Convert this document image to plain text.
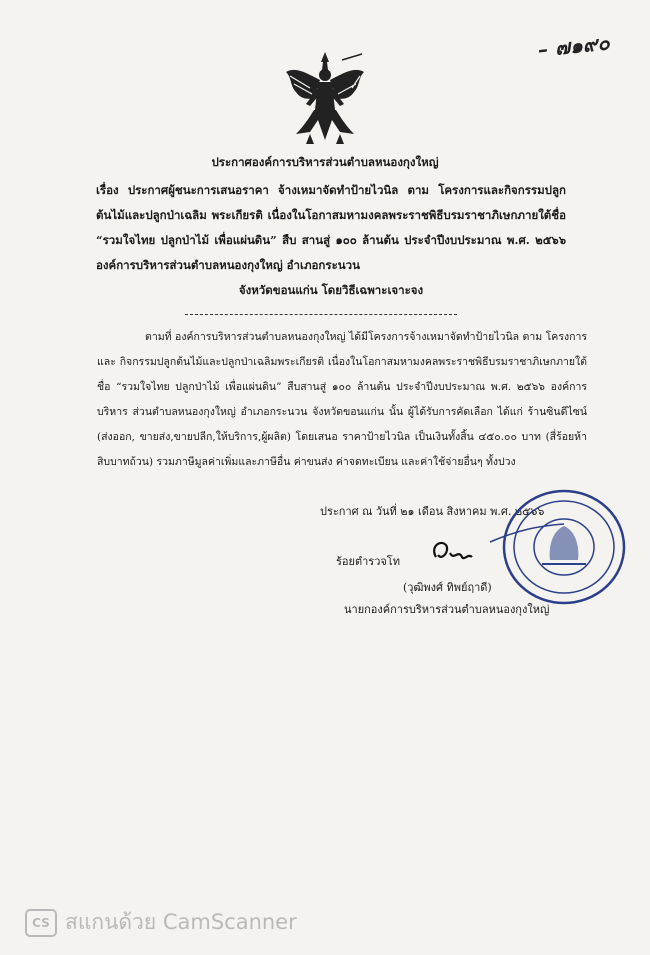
– ๗๑๙๐
ประกาศองค์การบริหารส่วนตำบลหนองกุงใหญ่
เรื่อง ประกาศผู้ชนะการเสนอราคา จ้างเหมาจัดทำป้ายไวนิล ตาม โครงการและกิจกรรมปลูกต้นไม้และปลูกป่าเฉลิม พระเกียรติ เนื่องในโอกาสมหามงคลพระราชพิธีบรมราชาภิเษกภายใต้ชื่อ “รวมใจไทย ปลูกป่าไม้ เพื่อแผ่นดิน” สืบ สานสู่ ๑๐๐ ล้านต้น ประจำปีงบประมาณ พ.ศ. ๒๕๖๖ องค์การบริหารส่วนตำบลหนองกุงใหญ่ อำเภอกระนวน
จังหวัดขอนแก่น โดยวิธีเฉพาะเจาะจง
ตามที่ องค์การบริหารส่วนตำบลหนองกุงใหญ่ ได้มีโครงการจ้างเหมาจัดทำป้ายไวนิล ตาม โครงการและ กิจกรรมปลูกต้นไม้และปลูกป่าเฉลิมพระเกียรติ เนื่องในโอกาสมหามงคลพระราชพิธีบรมราชาภิเษกภายใต้ชื่อ “รวมใจไทย ปลูกป่าไม้ เพื่อแผ่นดิน” สืบสานสู่ ๑๐๐ ล้านต้น ประจำปีงบประมาณ พ.ศ. ๒๕๖๖ องค์การบริหาร ส่วนตำบลหนองกุงใหญ่ อำเภอกระนวน จังหวัดขอนแก่น นั้น ผู้ได้รับการคัดเลือก ได้แก่ ร้านซินดีไซน์ (ส่งออก, ขายส่ง,ขายปลีก,ให้บริการ,ผู้ผลิต) โดยเสนอ ราคาป้ายไวนิล เป็นเงินทั้งสิ้น ๔๕๐.๐๐ บาท (สี่ร้อยห้าสิบบาทถ้วน) รวมภาษีมูลค่าเพิ่มและภาษีอื่น ค่าขนส่ง ค่าจดทะเบียน และค่าใช้จ่ายอื่นๆ ทั้งปวง
ประกาศ ณ วันที่ ๒๑ เดือน สิงหาคม พ.ศ. ๒๕๖๖
ร้อยตำรวจโท
(วุฒิพงศ์ ทิพย์ฤาดี)
นายกองค์การบริหารส่วนตำบลหนองกุงใหญ่
CS สแกนด้วย CamScanner
